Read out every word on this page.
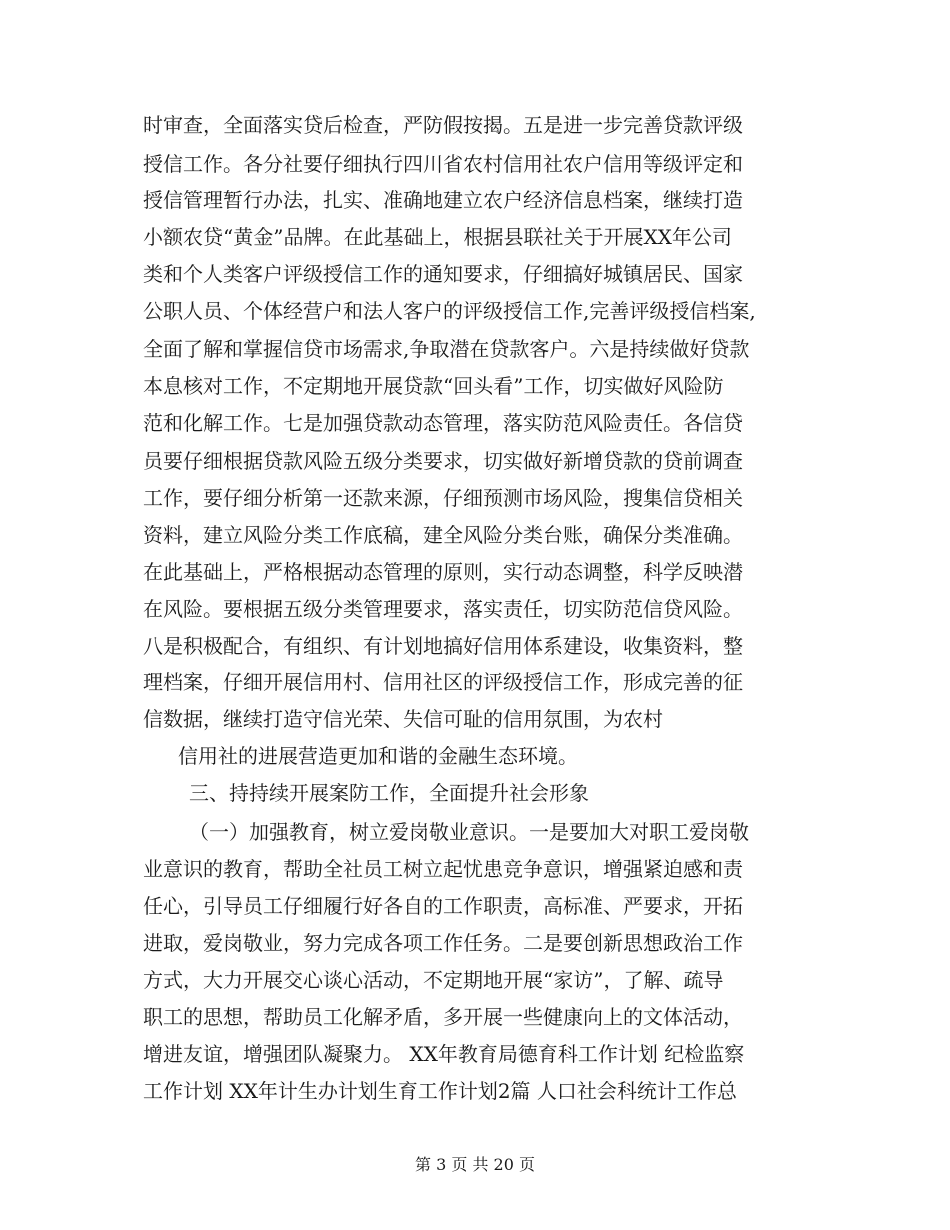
时审查，全面落实贷后检查，严防假按揭。五是进一步完善贷款评级
授信工作。各分社要仔细执行四川省农村信用社农户信用等级评定和
授信管理暂行办法，扎实、准确地建立农户经济信息档案，继续打造
小额农贷“黄金”品牌。在此基础上，根据县联社关于开展XX年公司
类和个人类客户评级授信工作的通知要求，仔细搞好城镇居民、国家
公职人员、个体经营户和法人客户的评级授信工作,完善评级授信档案,
全面了解和掌握信贷市场需求,争取潜在贷款客户。六是持续做好贷款
本息核对工作，不定期地开展贷款“回头看”工作，切实做好风险防
范和化解工作。七是加强贷款动态管理，落实防范风险责任。各信贷
员要仔细根据贷款风险五级分类要求，切实做好新增贷款的贷前调查
工作，要仔细分析第一还款来源，仔细预测市场风险，搜集信贷相关
资料，建立风险分类工作底稿，建全风险分类台账，确保分类准确。
在此基础上，严格根据动态管理的原则，实行动态调整，科学反映潜
在风险。要根据五级分类管理要求，落实责任，切实防范信贷风险。
八是积极配合，有组织、有计划地搞好信用体系建设，收集资料，整
理档案，仔细开展信用村、信用社区的评级授信工作，形成完善的征
信数据，继续打造守信光荣、失信可耻的信用氛围，为农村
信用社的进展营造更加和谐的金融生态环境。
三、持持续开展案防工作，全面提升社会形象
（一）加强教育，树立爱岗敬业意识。一是要加大对职工爱岗敬
业意识的教育，帮助全社员工树立起忧患竞争意识，增强紧迫感和责
任心，引导员工仔细履行好各自的工作职责，高标准、严要求，开拓
进取，爱岗敬业，努力完成各项工作任务。二是要创新思想政治工作
方式，大力开展交心谈心活动，不定期地开展“家访”，了解、疏导
职工的思想，帮助员工化解矛盾，多开展一些健康向上的文体活动，
增进友谊，增强团队凝聚力。 XX年教育局德育科工作计划 纪检监察
工作计划 XX年计生办计划生育工作计划2篇 人口社会科统计工作总
第 3 页 共 20 页
